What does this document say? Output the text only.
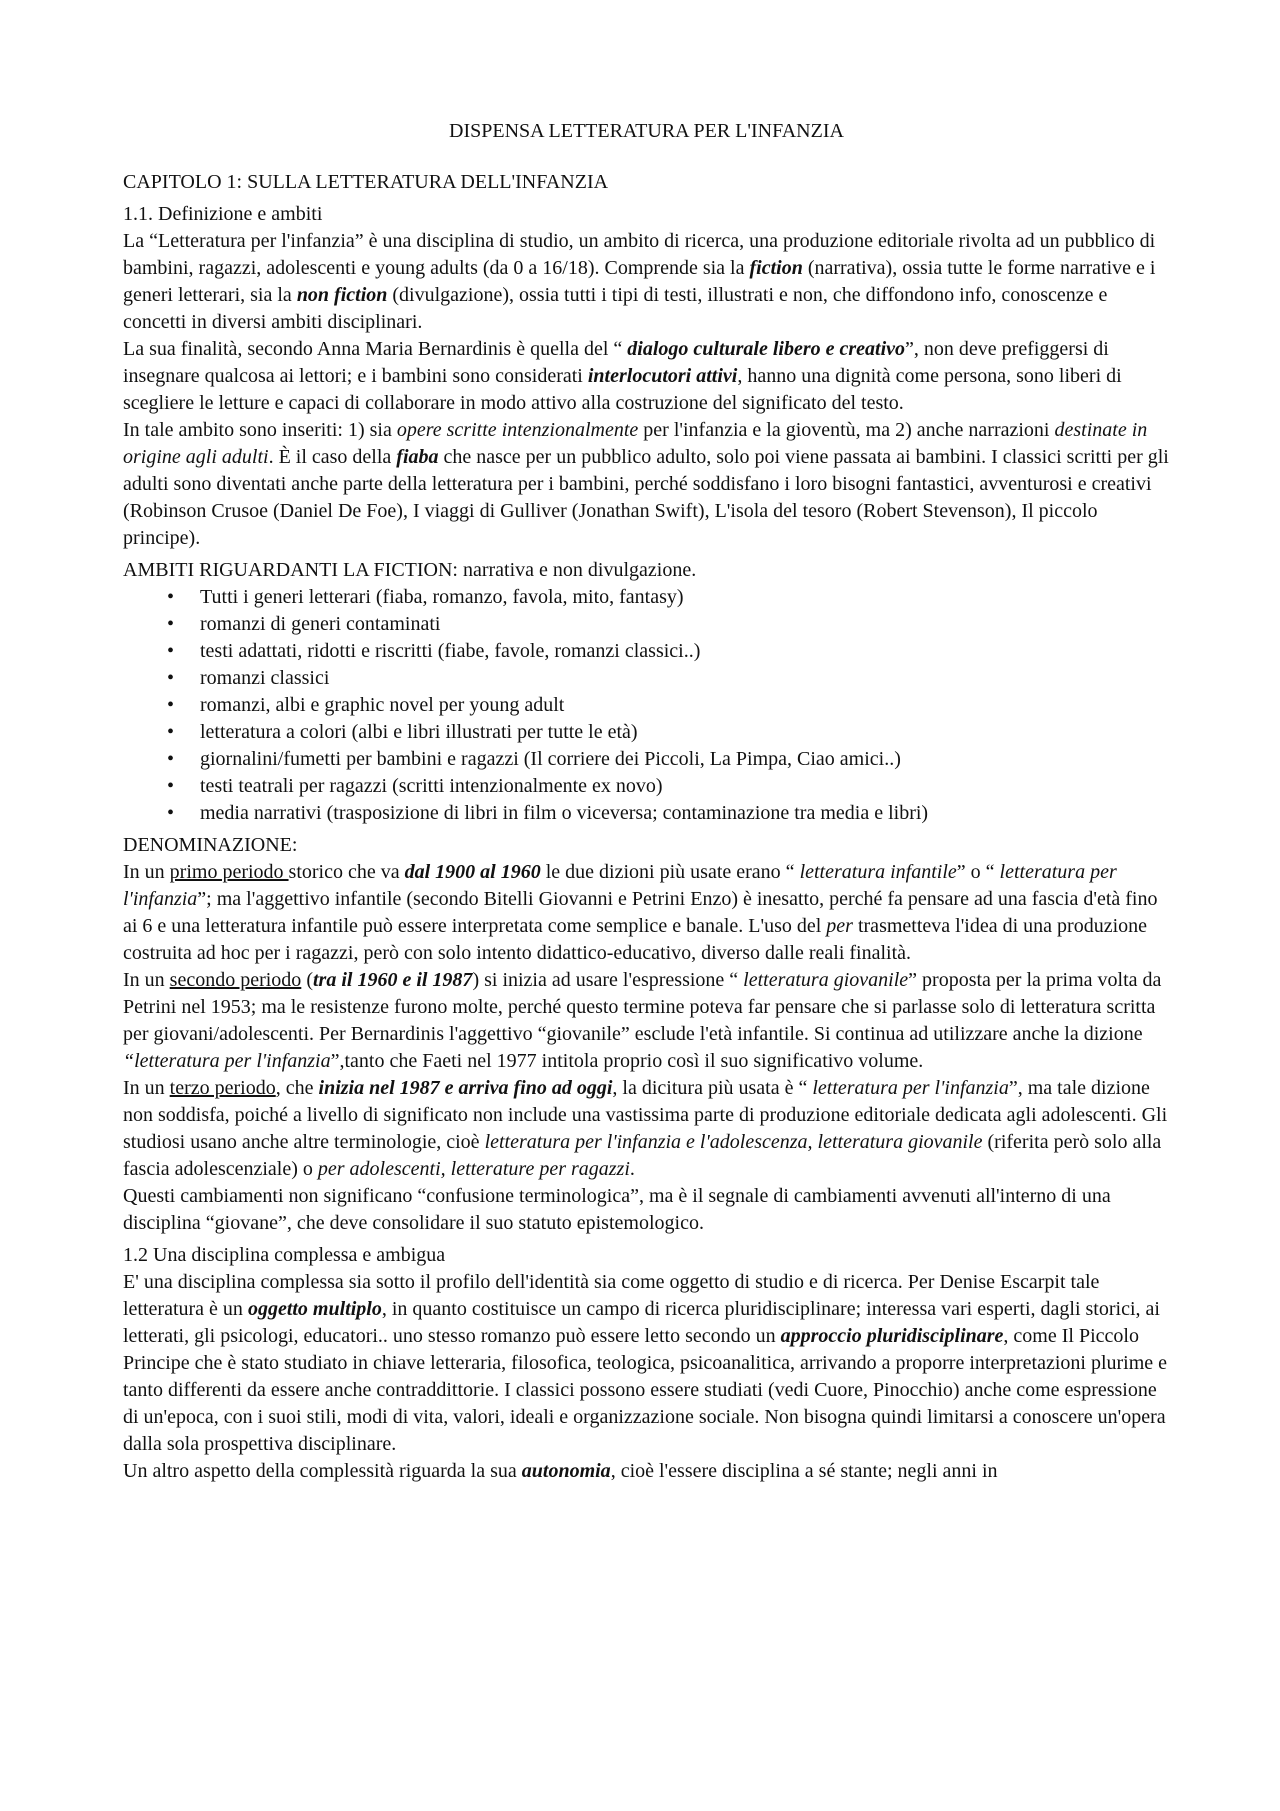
DISPENSA LETTERATURA PER L'INFANZIA
CAPITOLO 1: SULLA LETTERATURA DELL'INFANZIA
1.1. Definizione e ambiti

La “Letteratura per l'infanzia” è una disciplina di studio, un ambito di ricerca, una produzione editoriale rivolta ad un pubblico di bambini, ragazzi, adolescenti e young adults (da 0 a 16/18). Comprende sia la fiction (narrativa), ossia tutte le forme narrative e i generi letterari, sia la non fiction (divulgazione), ossia tutti i tipi di testi, illustrati e non, che diffondono info, conoscenze e concetti in diversi ambiti disciplinari.

La sua finalità, secondo Anna Maria Bernardinis è quella del “ dialogo culturale libero e creativo”, non deve prefiggersi di insegnare qualcosa ai lettori; e i bambini sono considerati interlocutori attivi, hanno una dignità come persona, sono liberi di scegliere le letture e capaci di collaborare in modo attivo alla costruzione del significato del testo.

In tale ambito sono inseriti: 1) sia opere scritte intenzionalmente per l'infanzia e la gioventù, ma 2) anche narrazioni destinate in origine agli adulti. È il caso della fiaba che nasce per un pubblico adulto, solo poi viene passata ai bambini. I classici scritti per gli adulti sono diventati anche parte della letteratura per i bambini, perché soddisfano i loro bisogni fantastici, avventurosi e creativi (Robinson Crusoe (Daniel De Foe), I viaggi di Gulliver (Jonathan Swift), L'isola del tesoro (Robert Stevenson), Il piccolo principe).

AMBITI RIGUARDANTI LA FICTION: narrativa e non divulgazione.

• Tutti i generi letterari (fiaba, romanzo, favola, mito, fantasy)
• romanzi di generi contaminati
• testi adattati, ridotti e riscritti (fiabe, favole, romanzi classici..)
• romanzi classici
• romanzi, albi e graphic novel per young adult
• letteratura a colori (albi e libri illustrati per tutte le età)
• giornalini/fumetti per bambini e ragazzi (Il corriere dei Piccoli, La Pimpa, Ciao amici..)
• testi teatrali per ragazzi (scritti intenzionalmente ex novo)
• media narrativi (trasposizione di libri in film o viceversa; contaminazione tra media e libri)

DENOMINAZIONE:

In un primo periodo storico che va dal 1900 al 1960 le due dizioni più usate erano “ letteratura infantile” o “ letteratura per l'infanzia”; ma l'aggettivo infantile (secondo Bitelli Giovanni e Petrini Enzo) è inesatto, perché fa pensare ad una fascia d'età fino ai 6 e una letteratura infantile può essere interpretata come semplice e banale. L'uso del per trasmetteva l'idea di una produzione costruita ad hoc per i ragazzi, però con solo intento didattico-educativo, diverso dalle reali finalità.

In un secondo periodo (tra il 1960 e il 1987) si inizia ad usare l'espressione “ letteratura giovanile” proposta per la prima volta da Petrini nel 1953; ma le resistenze furono molte, perché questo termine poteva far pensare che si parlasse solo di letteratura scritta per giovani/adolescenti. Per Bernardinis l'aggettivo “giovanile” esclude l'età infantile. Si continua ad utilizzare anche la dizione “letteratura per l'infanzia”,tanto che Faeti nel 1977 intitola proprio così il suo significativo volume.

In un terzo periodo, che inizia nel 1987 e arriva fino ad oggi, la dicitura più usata è “ letteratura per l'infanzia”, ma tale dizione non soddisfa, poiché a livello di significato non include una vastissima parte di produzione editoriale dedicata agli adolescenti. Gli studiosi usano anche altre terminologie, cioè letteratura per l'infanzia e l'adolescenza, letteratura giovanile (riferita però solo alla fascia adolescenziale) o per adolescenti, letterature per ragazzi.

Questi cambiamenti non significano “confusione terminologica”, ma è il segnale di cambiamenti avvenuti all'interno di una disciplina “giovane”, che deve consolidare il suo statuto epistemologico.

1.2 Una disciplina complessa e ambigua

E' una disciplina complessa sia sotto il profilo dell'identità sia come oggetto di studio e di ricerca. Per Denise Escarpit tale letteratura è un oggetto multiplo, in quanto costituisce un campo di ricerca pluridisciplinare; interessa vari esperti, dagli storici, ai letterati, gli psicologi, educatori.. uno stesso romanzo può essere letto secondo un approccio pluridisciplinare, come Il Piccolo Principe che è stato studiato in chiave letteraria, filosofica, teologica, psicoanalitica, arrivando a proporre interpretazioni plurime e tanto differenti da essere anche contraddittorie. I classici possono essere studiati (vedi Cuore, Pinocchio) anche come espressione di un'epoca, con i suoi stili, modi di vita, valori, ideali e organizzazione sociale. Non bisogna quindi limitarsi a conoscere un'opera dalla sola prospettiva disciplinare.

Un altro aspetto della complessità riguarda la sua autonomia, cioè l'essere disciplina a sé stante; negli anni in
